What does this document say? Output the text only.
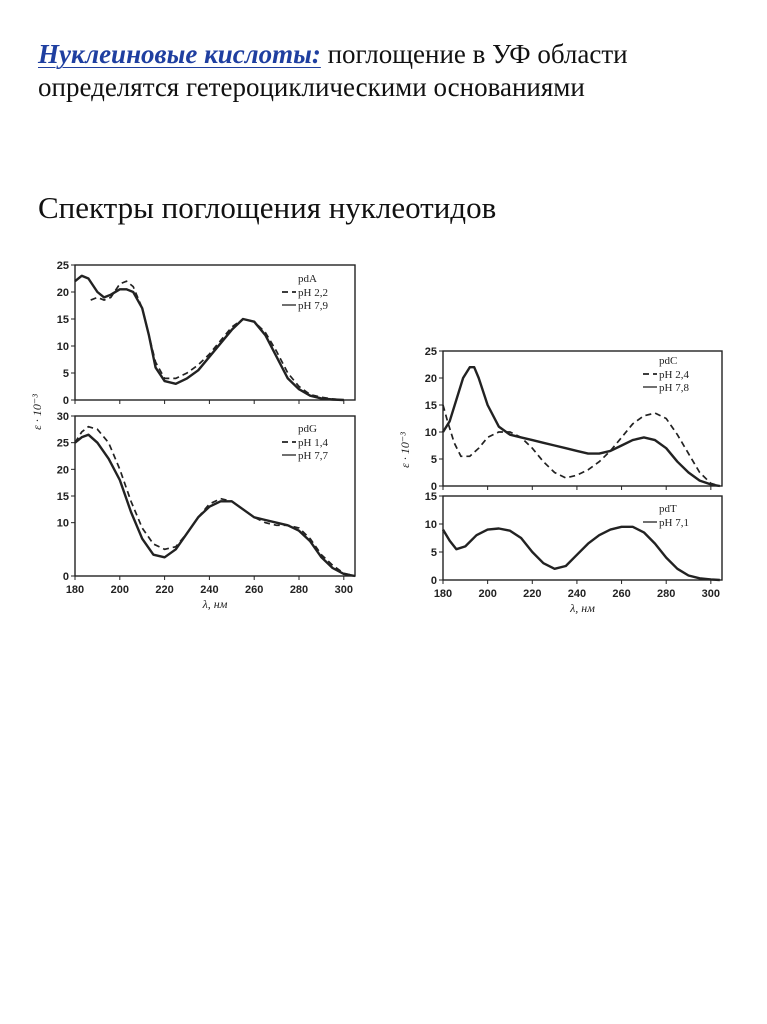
Нуклеиновые кислоты: поглощение в УФ области
определятся гетероциклическими основаниями
Спектры поглощения нуклеотидов
0
5
10
15
20
25
ε · 10⁻³
pdA
pH 2,2
pH 7,9
0
10
15
20
25
30
180 200 220 240 260 280 300
λ, нм
pdG
pH 1,4
pH 7,7
0
5
10
15
20
25
ε · 10⁻³
pdC
pH 2,4
pH 7,8
0
5
10
15
180 200 220 240 260 280 300
λ, нм
pdT
pH 7,1
